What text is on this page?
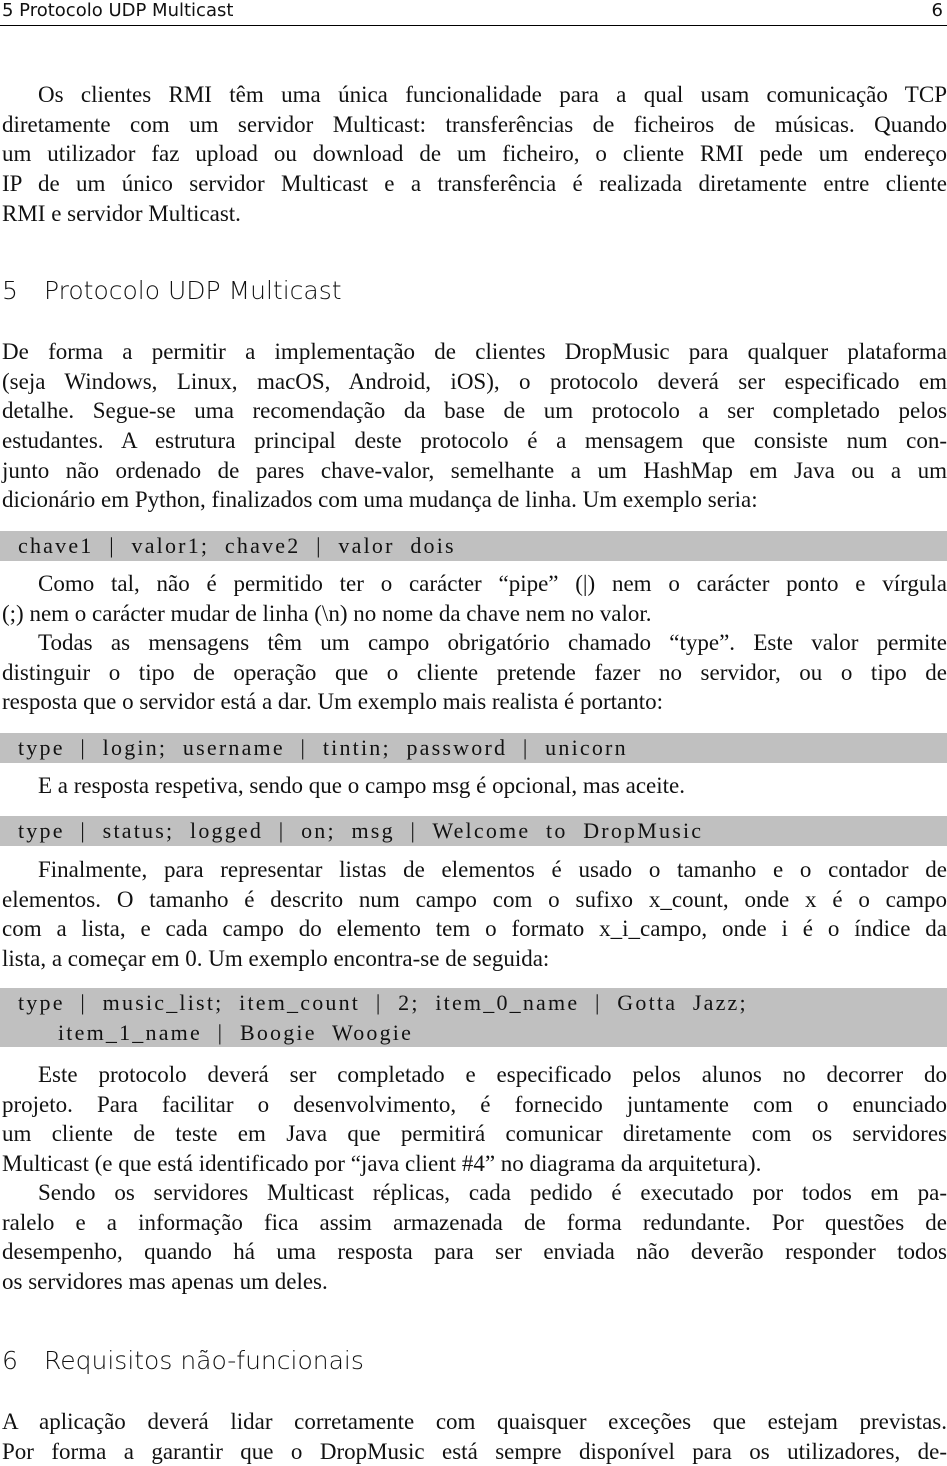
5 Protocolo UDP Multicast	6
Os clientes RMI têm uma única funcionalidade para a qual usam comunicação TCP
diretamente com um servidor Multicast: transferências de ficheiros de músicas. Quando
um utilizador faz upload ou download de um ficheiro, o cliente RMI pede um endereço
IP de um único servidor Multicast e a transferência é realizada diretamente entre cliente
RMI e servidor Multicast.
5 Protocolo UDP Multicast
De forma a permitir a implementação de clientes DropMusic para qualquer plataforma
(seja Windows, Linux, macOS, Android, iOS), o protocolo deverá ser especificado em
detalhe. Segue-se uma recomendação da base de um protocolo a ser completado pelos
estudantes. A estrutura principal deste protocolo é a mensagem que consiste num con-
junto não ordenado de pares chave-valor, semelhante a um HashMap em Java ou a um
dicionário em Python, finalizados com uma mudança de linha. Um exemplo seria:
chave1 | valor1; chave2 | valor dois
Como tal, não é permitido ter o carácter “pipe” (|) nem o carácter ponto e vírgula
(;) nem o carácter mudar de linha (\n) no nome da chave nem no valor.
Todas as mensagens têm um campo obrigatório chamado “type”. Este valor permite
distinguir o tipo de operação que o cliente pretende fazer no servidor, ou o tipo de
resposta que o servidor está a dar. Um exemplo mais realista é portanto:
type | login; username | tintin; password | unicorn
E a resposta respetiva, sendo que o campo msg é opcional, mas aceite.
type | status; logged | on; msg | Welcome to DropMusic
Finalmente, para representar listas de elementos é usado o tamanho e o contador de
elementos. O tamanho é descrito num campo com o sufixo x_count, onde x é o campo
com a lista, e cada campo do elemento tem o formato x_i_campo, onde i é o índice da
lista, a começar em 0. Um exemplo encontra-se de seguida:
type | music_list; item_count | 2; item_0_name | Gotta Jazz;
item_1_name | Boogie Woogie
Este protocolo deverá ser completado e especificado pelos alunos no decorrer do
projeto. Para facilitar o desenvolvimento, é fornecido juntamente com o enunciado
um cliente de teste em Java que permitirá comunicar diretamente com os servidores
Multicast (e que está identificado por “java client #4” no diagrama da arquitetura).
Sendo os servidores Multicast réplicas, cada pedido é executado por todos em pa-
ralelo e a informação fica assim armazenada de forma redundante. Por questões de
desempenho, quando há uma resposta para ser enviada não deverão responder todos
os servidores mas apenas um deles.
6 Requisitos não-funcionais
A aplicação deverá lidar corretamente com quaisquer exceções que estejam previstas.
Por forma a garantir que o DropMusic está sempre disponível para os utilizadores, de-
